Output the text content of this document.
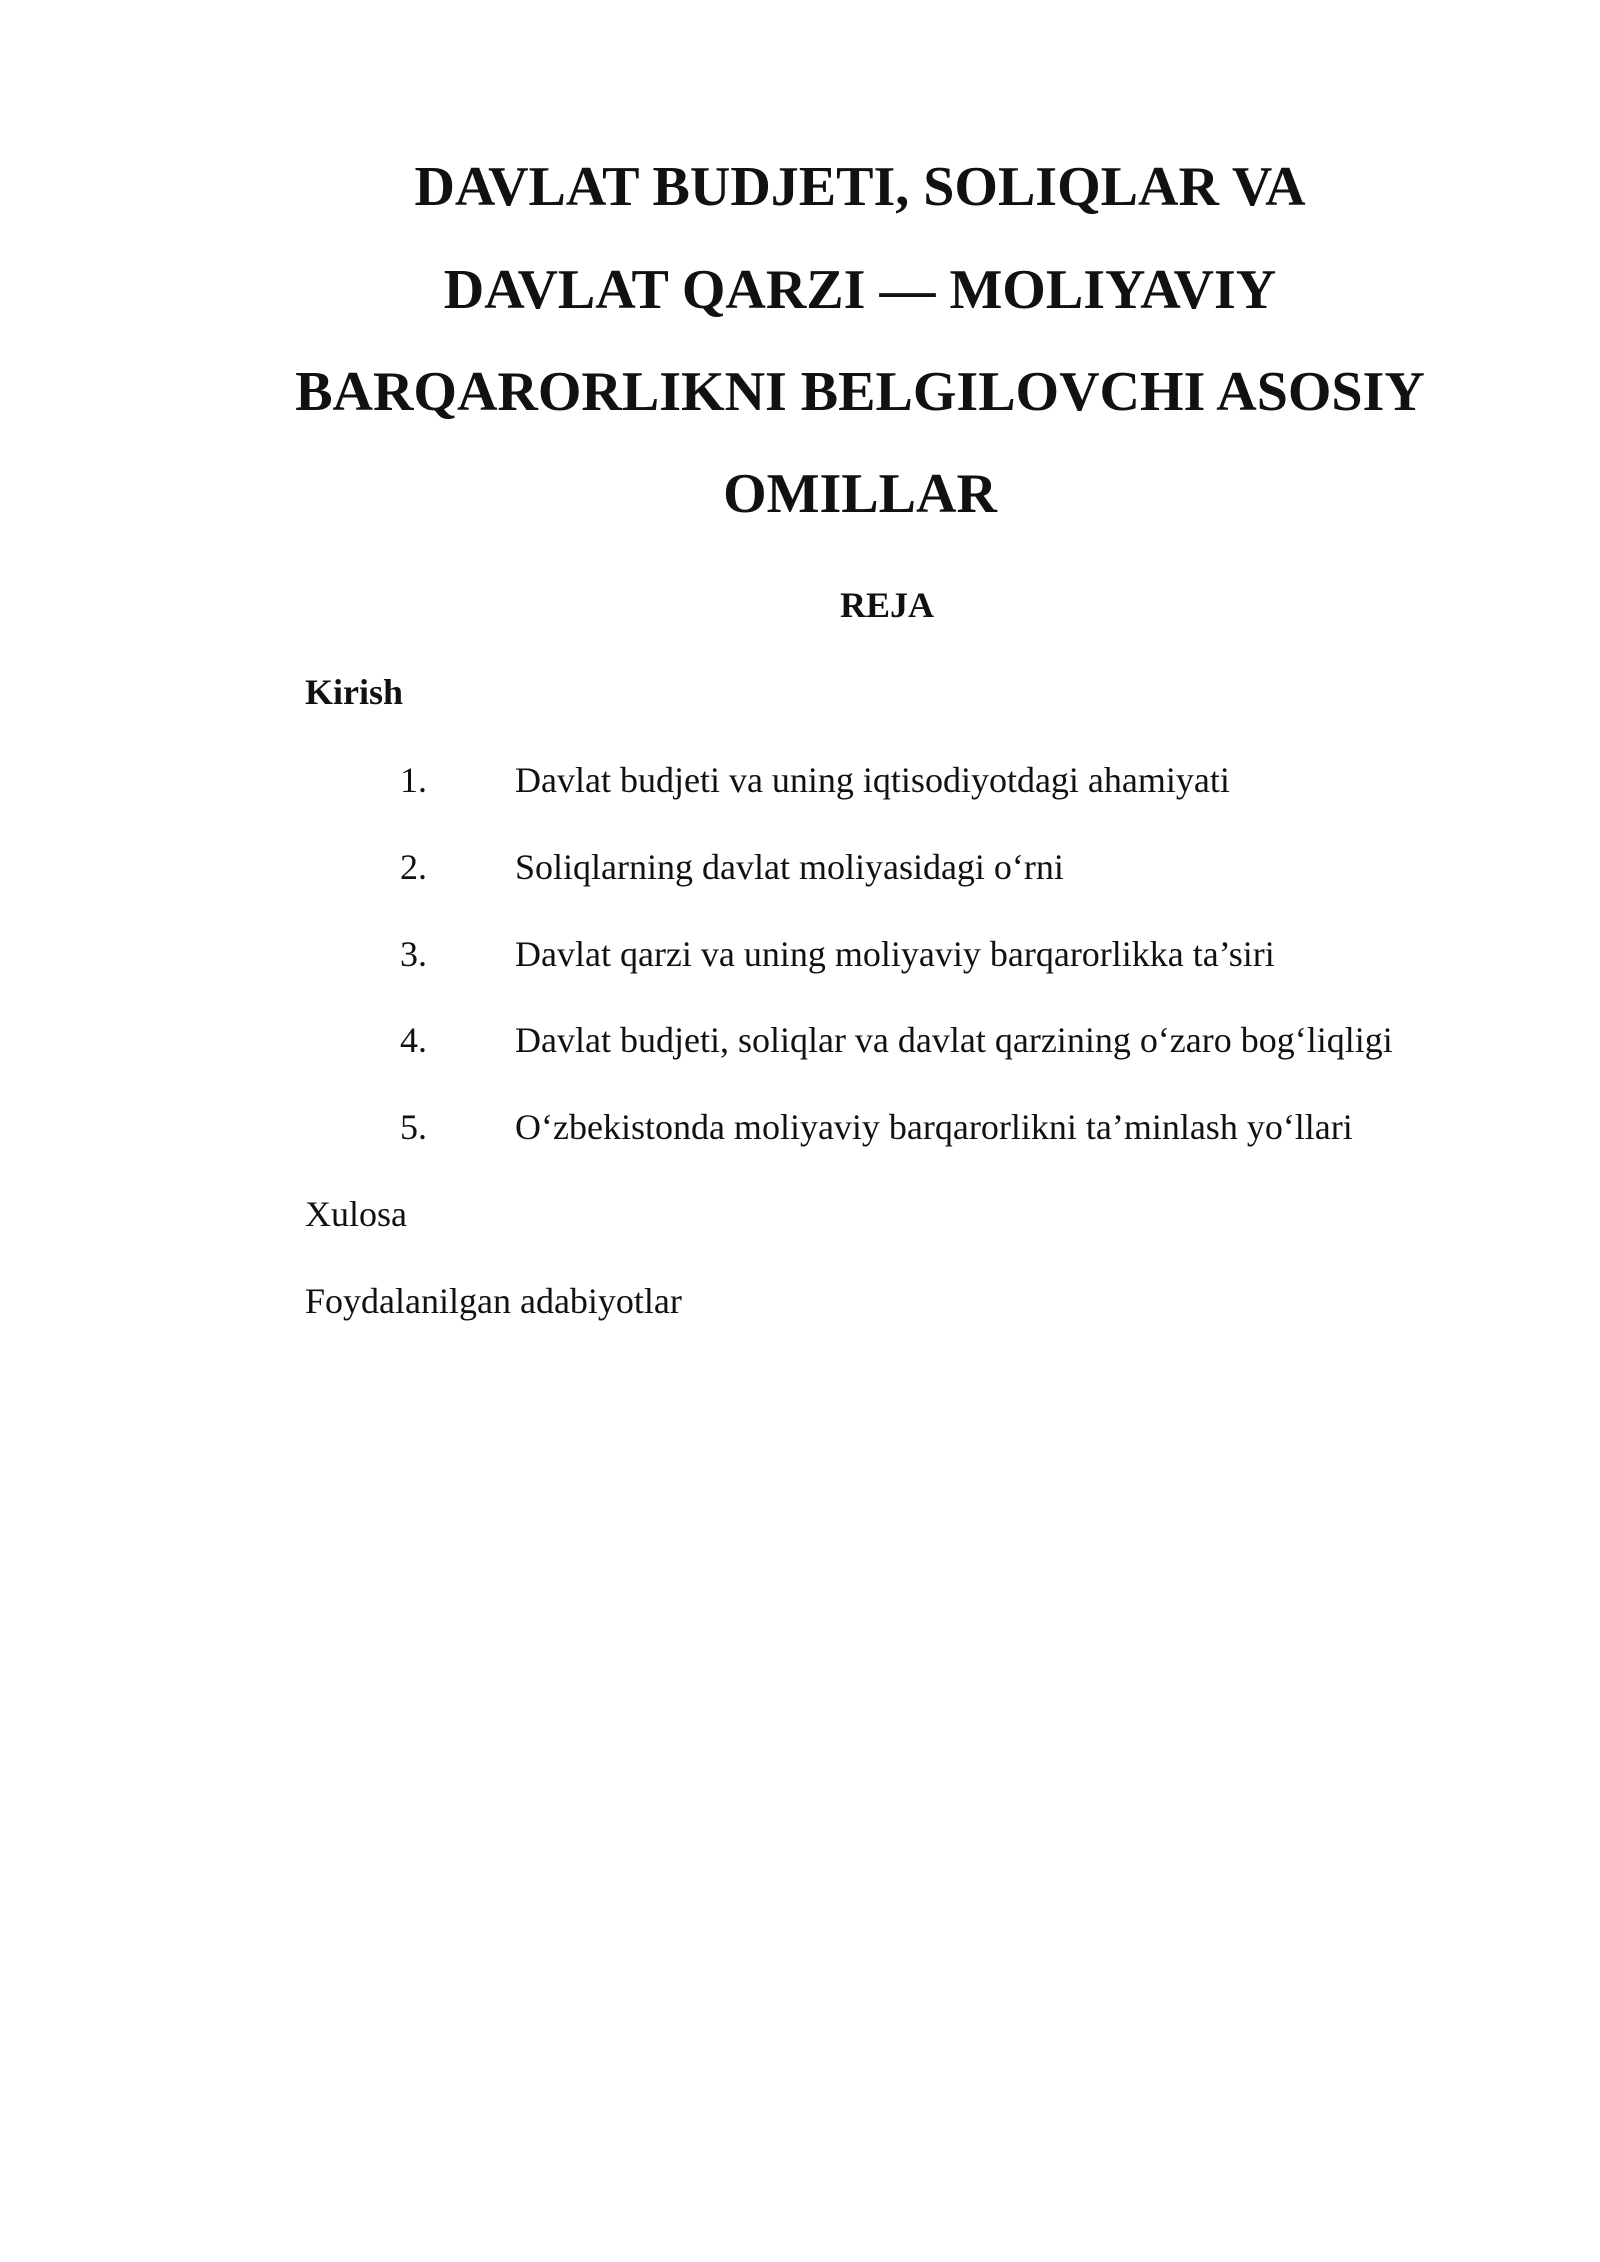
DAVLAT BUDJETI, SOLIQLAR VA
DAVLAT QARZI — MOLIYAVIY
BARQARORLIKNI BELGILOVCHI ASOSIY
OMILLAR
REJA
Kirish
1. Davlat budjeti va uning iqtisodiyotdagi ahamiyati
2. Soliqlarning davlat moliyasidagi o‘rni
3. Davlat qarzi va uning moliyaviy barqarorlikka ta’siri
4. Davlat budjeti, soliqlar va davlat qarzining o‘zaro bog‘liqligi
5. O‘zbekistonda moliyaviy barqarorlikni ta’minlash yo‘llari
Xulosa
Foydalanilgan adabiyotlar
